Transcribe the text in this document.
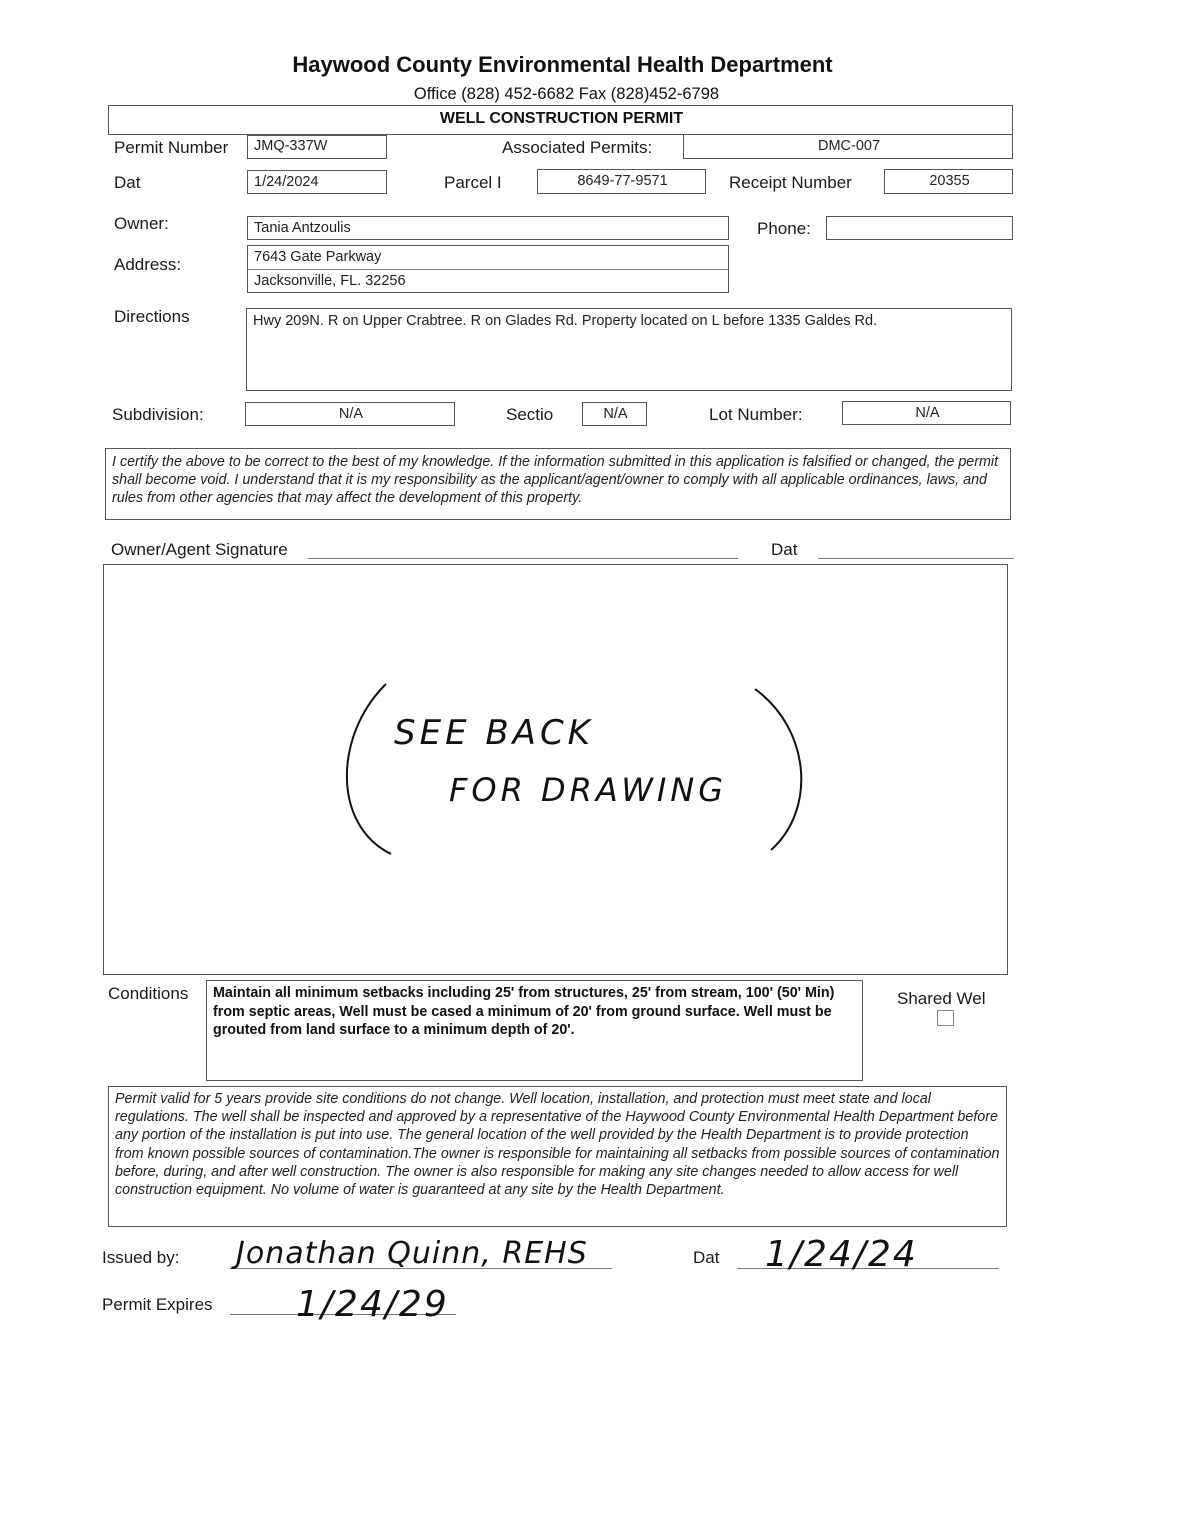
Haywood County Environmental Health Department
Office (828) 452-6682 Fax (828)452-6798
WELL CONSTRUCTION PERMIT
Permit Number JMQ-337W	Associated Permits:	DMC-007
Dat	1/24/2024	Parcel I	8649-77-9571	Receipt Number	20355
Owner:	Tania Antzoulis	Phone:
Address:	7643 Gate Parkway
Jacksonville, FL. 32256
Directions	Hwy 209N. R on Upper Crabtree. R on Glades Rd. Property located on L before 1335 Galdes Rd.
Subdivision:	N/A	Sectio	N/A	Lot Number:	N/A
I certify the above to be correct to the best of my knowledge. If the information submitted in this application is falsified or changed, the permit shall become void. I understand that it is my responsibility as the applicant/agent/owner to comply with all applicable ordinances, laws, and rules from other agencies that may affect the development of this property.
Owner/Agent Signature	Dat
SEE BACK
FOR DRAWING
Conditions Maintain all minimum setbacks including 25' from structures, 25' from stream, 100' (50' Min) from septic areas, Well must be cased a minimum of 20' from ground surface. Well must be grouted from land surface to a minimum depth of 20'.
Shared Wel
Permit valid for 5 years provide site conditions do not change. Well location, installation, and protection must meet state and local regulations. The well shall be inspected and approved by a representative of the Haywood County Environmental Health Department before any portion of the installation is put into use. The general location of the well provided by the Health Department is to provide protection from known possible sources of contamination.The owner is responsible for maintaining all setbacks from possible sources of contamination before, during, and after well construction. The owner is also responsible for making any site changes needed to allow access for well construction equipment. No volume of water is guaranteed at any site by the Health Department.
Issued by: Jonathan Quinn, REHS	Dat 1/24/24
Permit Expires 1/24/29
